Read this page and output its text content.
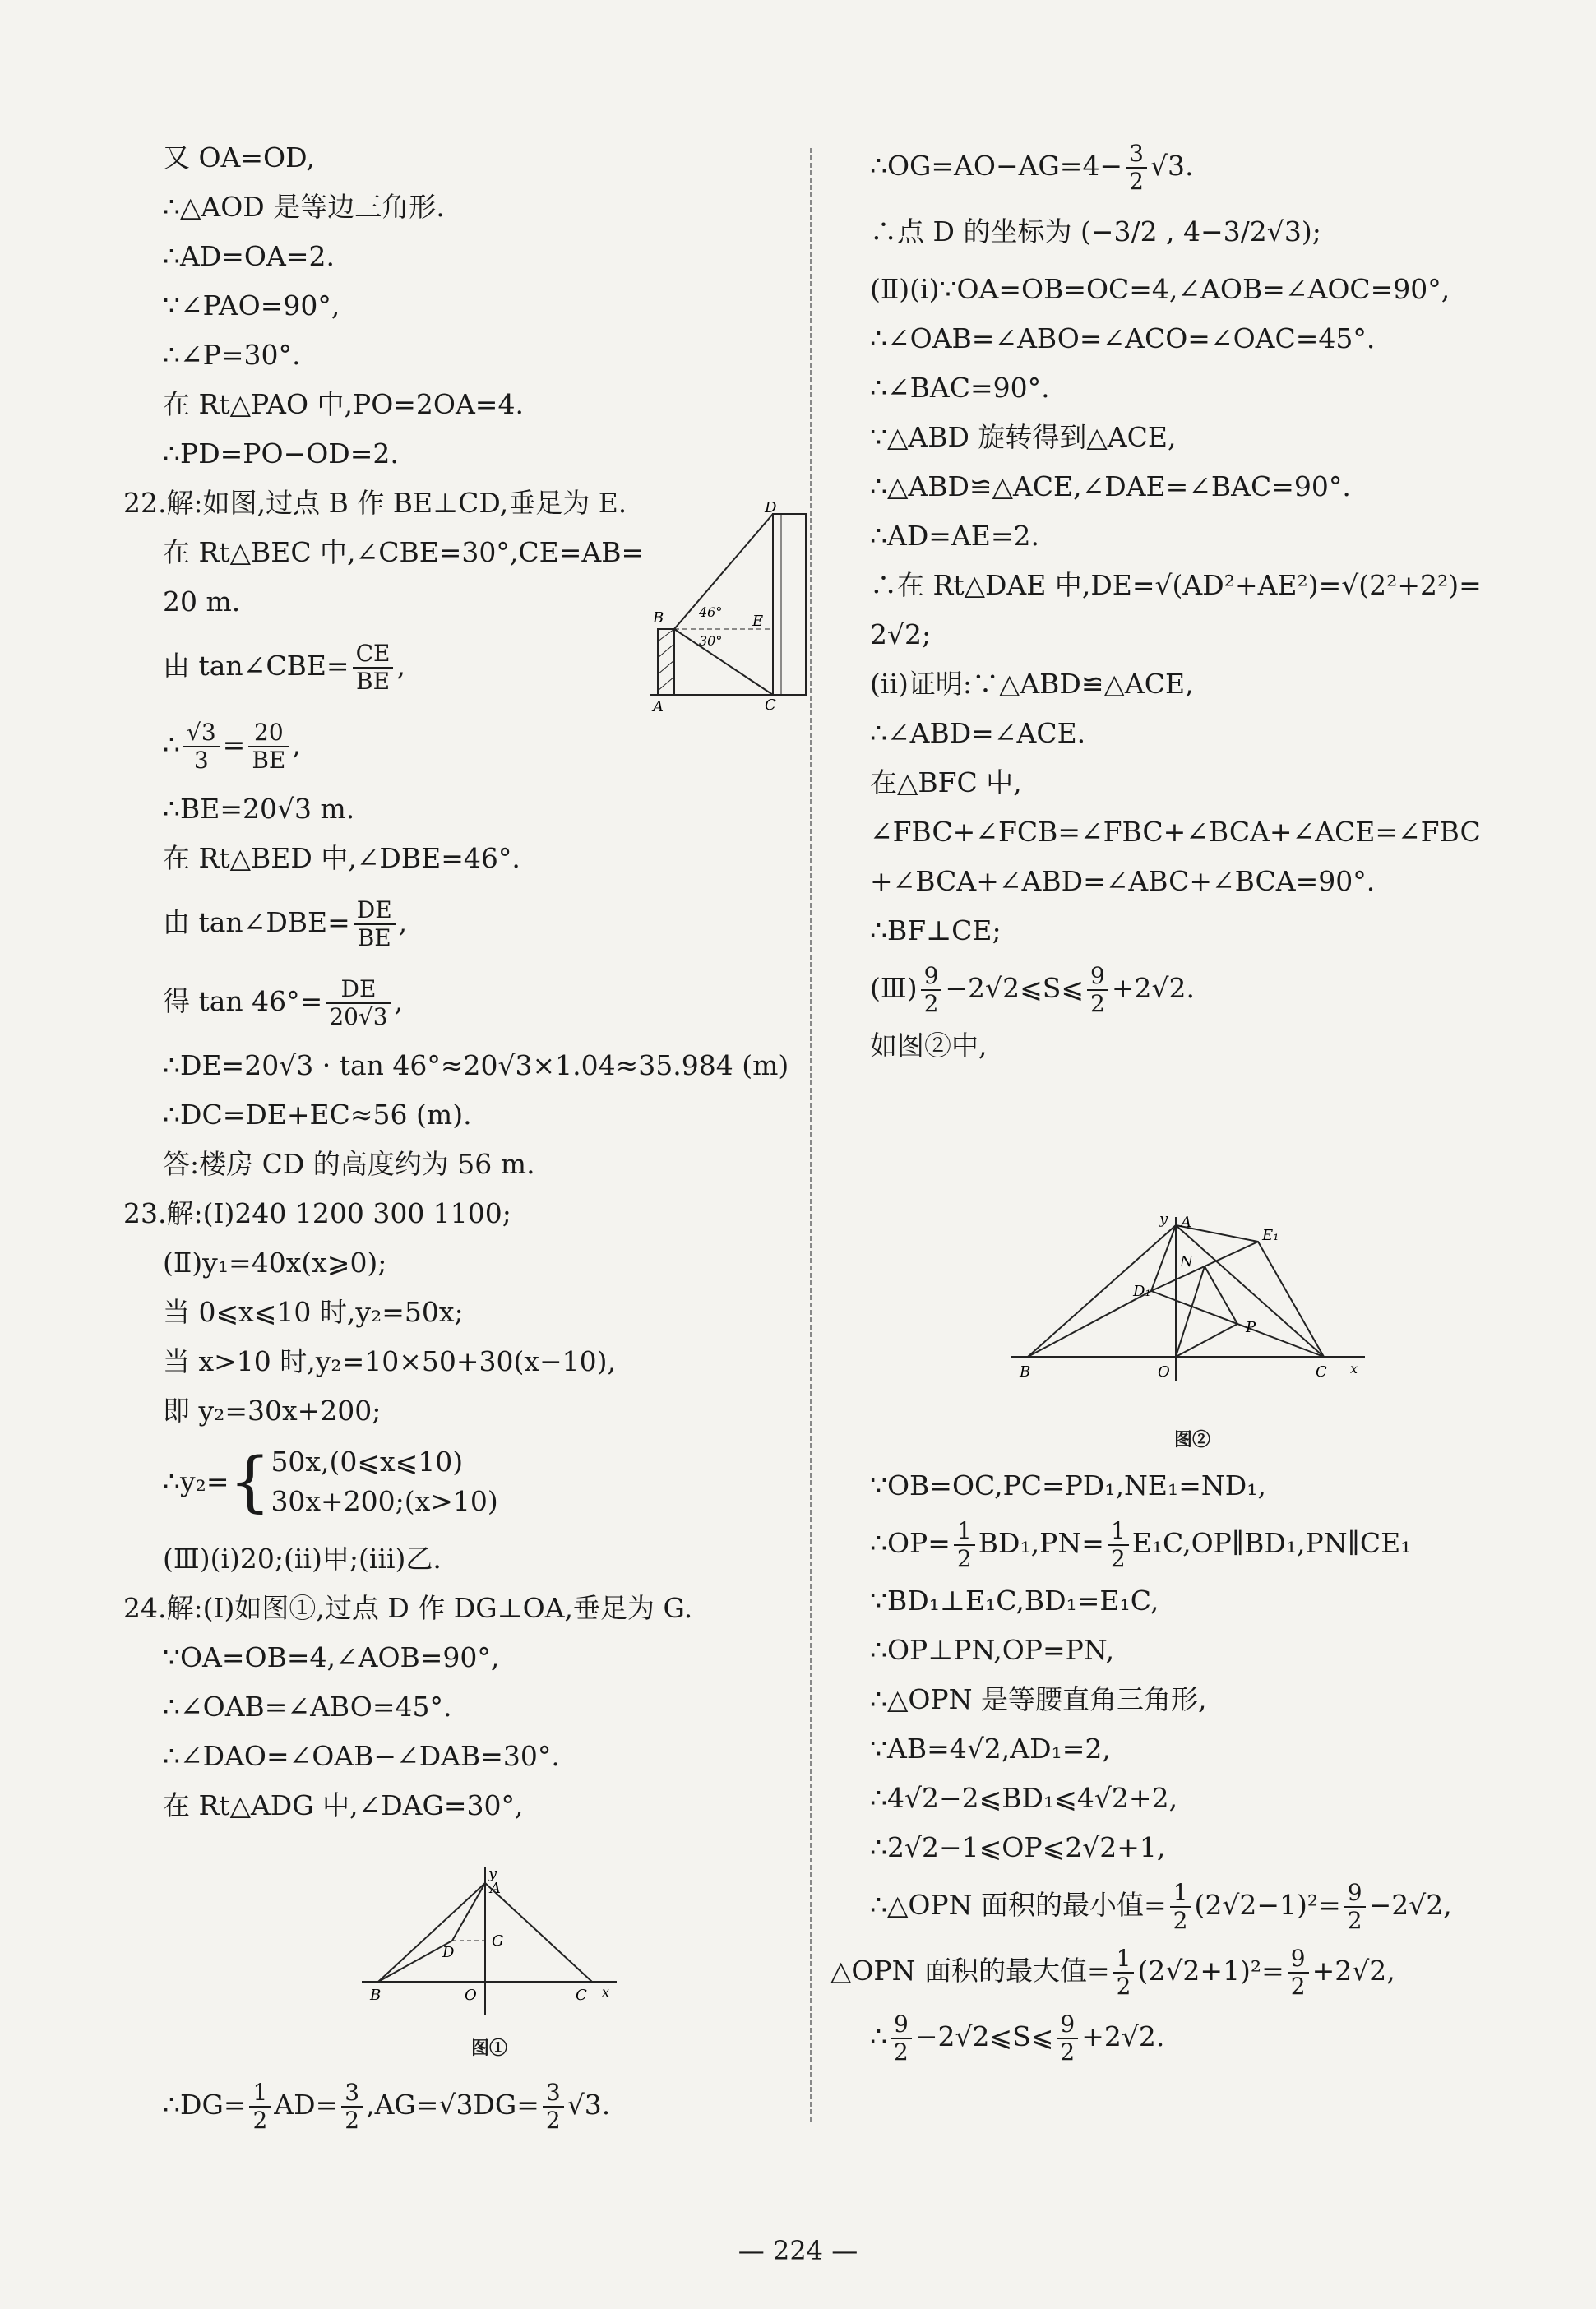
又 OA=OD,
∴△AOD 是等边三角形.
∴AD=OA=2.
∵∠PAO=90°,
∴∠P=30°.
在 Rt△PAO 中,PO=2OA=4.
∴PD=PO−OD=2.
22.解:如图,过点 B 作 BE⊥CD,垂足为 E.
在 Rt△BEC 中,∠CBE=30°,CE=AB=
20 m.
由 tan∠CBE= $\frac{CE}{BE}$ ,
∴ $\frac{√3}{3} = \frac{20}{BE}$ ,
∴BE=20√3 m.
在 Rt△BED 中,∠DBE=46°.
由 tan∠DBE= $\frac{DE}{BE}$ ,
得 $\tan 46^\circ= \frac{DE}{20√3}$ ,
∴DE=20√3 · tan 46°≈20√3×1.04≈35.984 (m)
∴DC=DE+EC≈56 (m).
答:楼房 CD 的高度约为 56 m.
23.解:(Ⅰ)240 1200 300 1100;
(Ⅱ)y₁=40x(x⩾0);
当 0⩽x⩽10 时,y₂=50x;
当 x>10 时,y₂=10×50+30(x−10),
即 y₂=30x+200;
∴y₂={ 50x,(0⩽x⩽10)
30x+200;(x>10)
(Ⅲ)(ⅰ)20;(ⅱ)甲;(ⅲ)乙.
24.解:(Ⅰ)如图①,过点 D 作 DG⊥OA,垂足为 G.
∵OA=OB=4,∠AOB=90°,
∴∠OAB=∠ABO=45°.
∴∠DAO=∠OAB−∠DAB=30°.
在 Rt△ADG 中,∠DAG=30°,
D
B	E
A	C
46°
30°
y
A
B	O	C x
D
G
图①
∴DG= $\frac{1}{2} AD= \frac{3}{2} ,AG=√3DG= \frac{3}{2} √3$.
∴OG=AO−AG=4− $\frac{3}{2} √3$.
∴点 D 的坐标为 (−3/2 , 4−3/2√3);
(Ⅱ)(ⅰ)∵OA=OB=OC=4,∠AOB=∠AOC=90°,
∴∠OAB=∠ABO=∠ACO=∠OAC=45°.
∴∠BAC=90°.
∵△ABD 旋转得到△ACE,
∴△ABD≌△ACE,∠DAE=∠BAC=90°.
∴AD=AE=2.
∴在 Rt△DAE 中,DE=√(AD²+AE²)=√(2²+2²)=
2√2;
(ⅱ)证明:∵△ABD≌△ACE,
∴∠ABD=∠ACE.
在△BFC 中,
∠FBC+∠FCB=∠FBC+∠BCA+∠ACE=∠FBC
+∠BCA+∠ABD=∠ABC+∠BCA=90°.
∴BF⊥CE;
(Ⅲ) $\frac{9}{2}$ −2√2⩽S⩽ $\frac{9}{2} +2√2$.
如图②中,
y A
E₁
N
D₁
P
B	O	C x
图②
∵OB=OC,PC=PD₁,NE₁=ND₁,
∴OP= $\frac{1}{2} BD_1,PN= \frac{1}{2}$ E₁C,OP∥BD₁,PN∥CE₁
∵BD₁⊥E₁C,BD₁=E₁C,
∴OP⊥PN,OP=PN,
∴△OPN 是等腰直角三角形,
∵AB=4√2,AD₁=2,
∴4√2−2⩽BD₁⩽4√2+2,
∴2√2−1⩽OP⩽2√2+1,
∴△OPN 面积的最小值= $\frac{1}{2} (2√2-1)^2= \frac{9}{2} -2√2$,
△OPN 面积的最大值= $\frac{1}{2} (2√2+1)^2= \frac{9}{2} +2√2$,
∴ $\frac{9}{2}$ −2√2⩽S⩽ $\frac{9}{2} +2√2$.
— 224 —
